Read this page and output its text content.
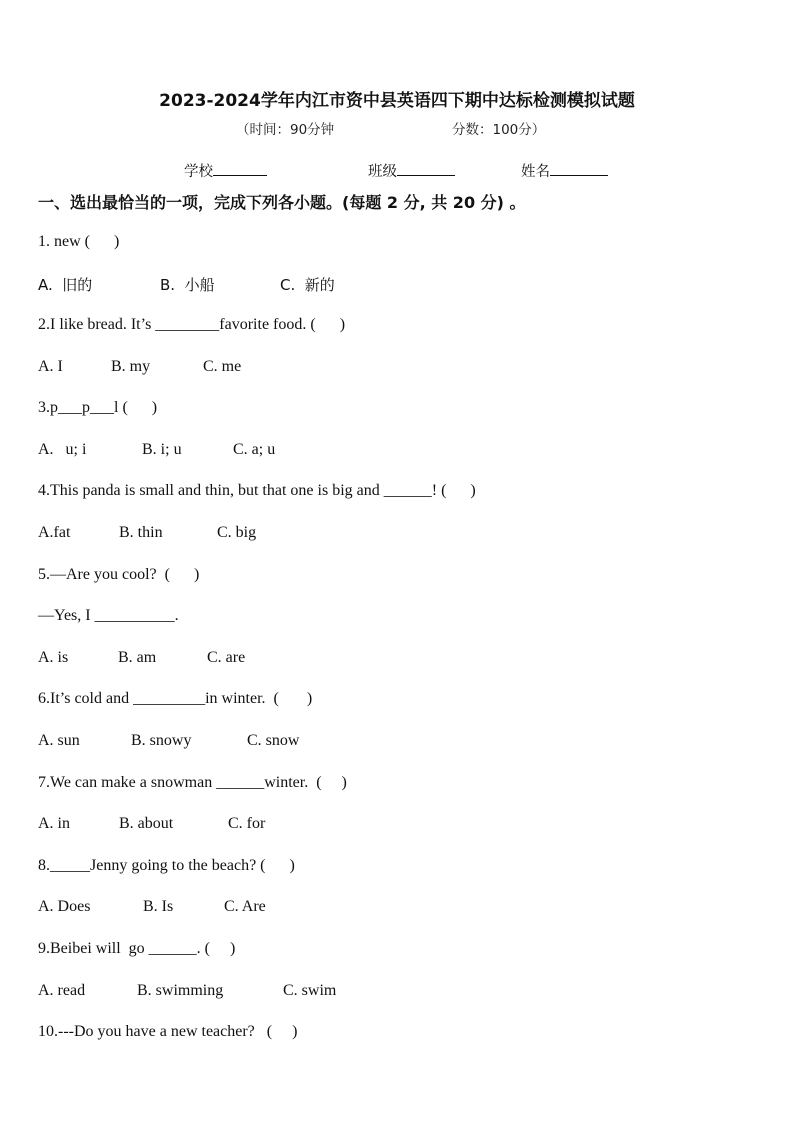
2023-2024学年内江市资中县英语四下期中达标检测模拟试题
（时间：90分钟	分数：100分）
学校	班级	姓名
一、选出最恰当的一项，完成下列各小题。(每题 2 分, 共 20 分) 。
1. new (      )
A.  旧的	B.  小船	C.  新的
2.I like bread. It’s ________favorite food. (      )
A. I	B. my	C. me
3.p___p___l (      )
A.   u; i	B. i; u	C. a; u
4.This panda is small and thin, but that one is big and ______! (      )
A.fat	B. thin	C. big
5.—Are you cool?  (      )
—Yes, I __________.
A. is	B. am	C. are
6.It’s cold and _________in winter.  (       )
A. sun	B. snowy	C. snow
7.We can make a snowman ______winter.  (     )
A. in	B. about	C. for
8._____Jenny going to the beach? (      )
A. Does	B. Is	C. Are
9.Beibei will  go ______. (     )
A. read	B. swimming	C. swim
10.---Do you have a new teacher?   (     )
